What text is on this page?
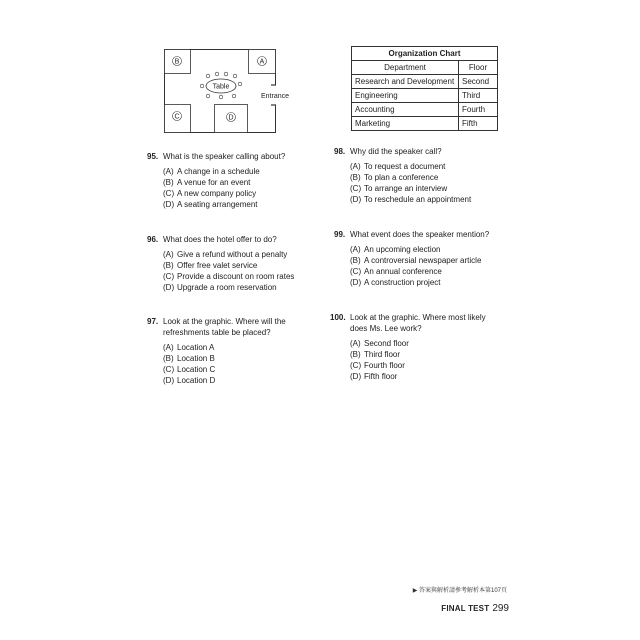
B	A
C	D
Table
Entrance
Organization Chart	
Department	Floor
Research and Development	Second
Engineering	Third
Accounting	Fourth
Marketing	Fifth
95. What is the speaker calling about?
(A) A change in a schedule
(B) A venue for an event
(C) A new company policy
(D) A seating arrangement
96. What does the hotel offer to do?
(A) Give a refund without a penalty
(B) Offer free valet service
(C) Provide a discount on room rates
(D) Upgrade a room reservation
97. Look at the graphic. Where will the refreshments table be placed?
(A) Location A
(B) Location B
(C) Location C
(D) Location D
98. Why did the speaker call?
(A) To request a document
(B) To plan a conference
(C) To arrange an interview
(D) To reschedule an appointment
99. What event does the speaker mention?
(A) An upcoming election
(B) A controversial newspaper article
(C) An annual conference
(D) A construction project
100. Look at the graphic. Where most likely does Ms. Lee work?
(A) Second floor
(B) Third floor
(C) Fourth floor
(D) Fifth floor
▶ 答案與解析請參考解析本第107頁
FINAL TEST 299
